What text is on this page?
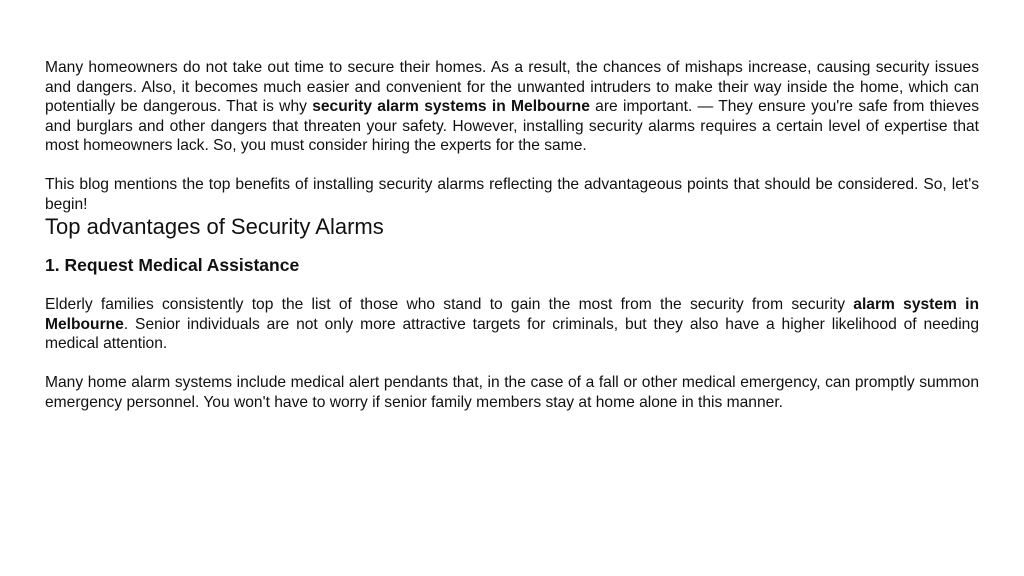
Many homeowners do not take out time to secure their homes. As a result, the chances of mishaps increase, causing security issues and dangers. Also, it becomes much easier and convenient for the unwanted intruders to make their way inside the home, which can potentially be dangerous. That is why security alarm systems in Melbourne are important. — They ensure you're safe from thieves and burglars and other dangers that threaten your safety. However, installing security alarms requires a certain level of expertise that most homeowners lack. So, you must consider hiring the experts for the same.

This blog mentions the top benefits of installing security alarms reflecting the advantageous points that should be considered. So, let's begin!

Top advantages of Security Alarms
1. Request Medical Assistance

Elderly families consistently top the list of those who stand to gain the most from the security from security alarm system in Melbourne. Senior individuals are not only more attractive targets for criminals, but they also have a higher likelihood of needing medical attention.

Many home alarm systems include medical alert pendants that, in the case of a fall or other medical emergency, can promptly summon emergency personnel. You won't have to worry if senior family members stay at home alone in this manner.
